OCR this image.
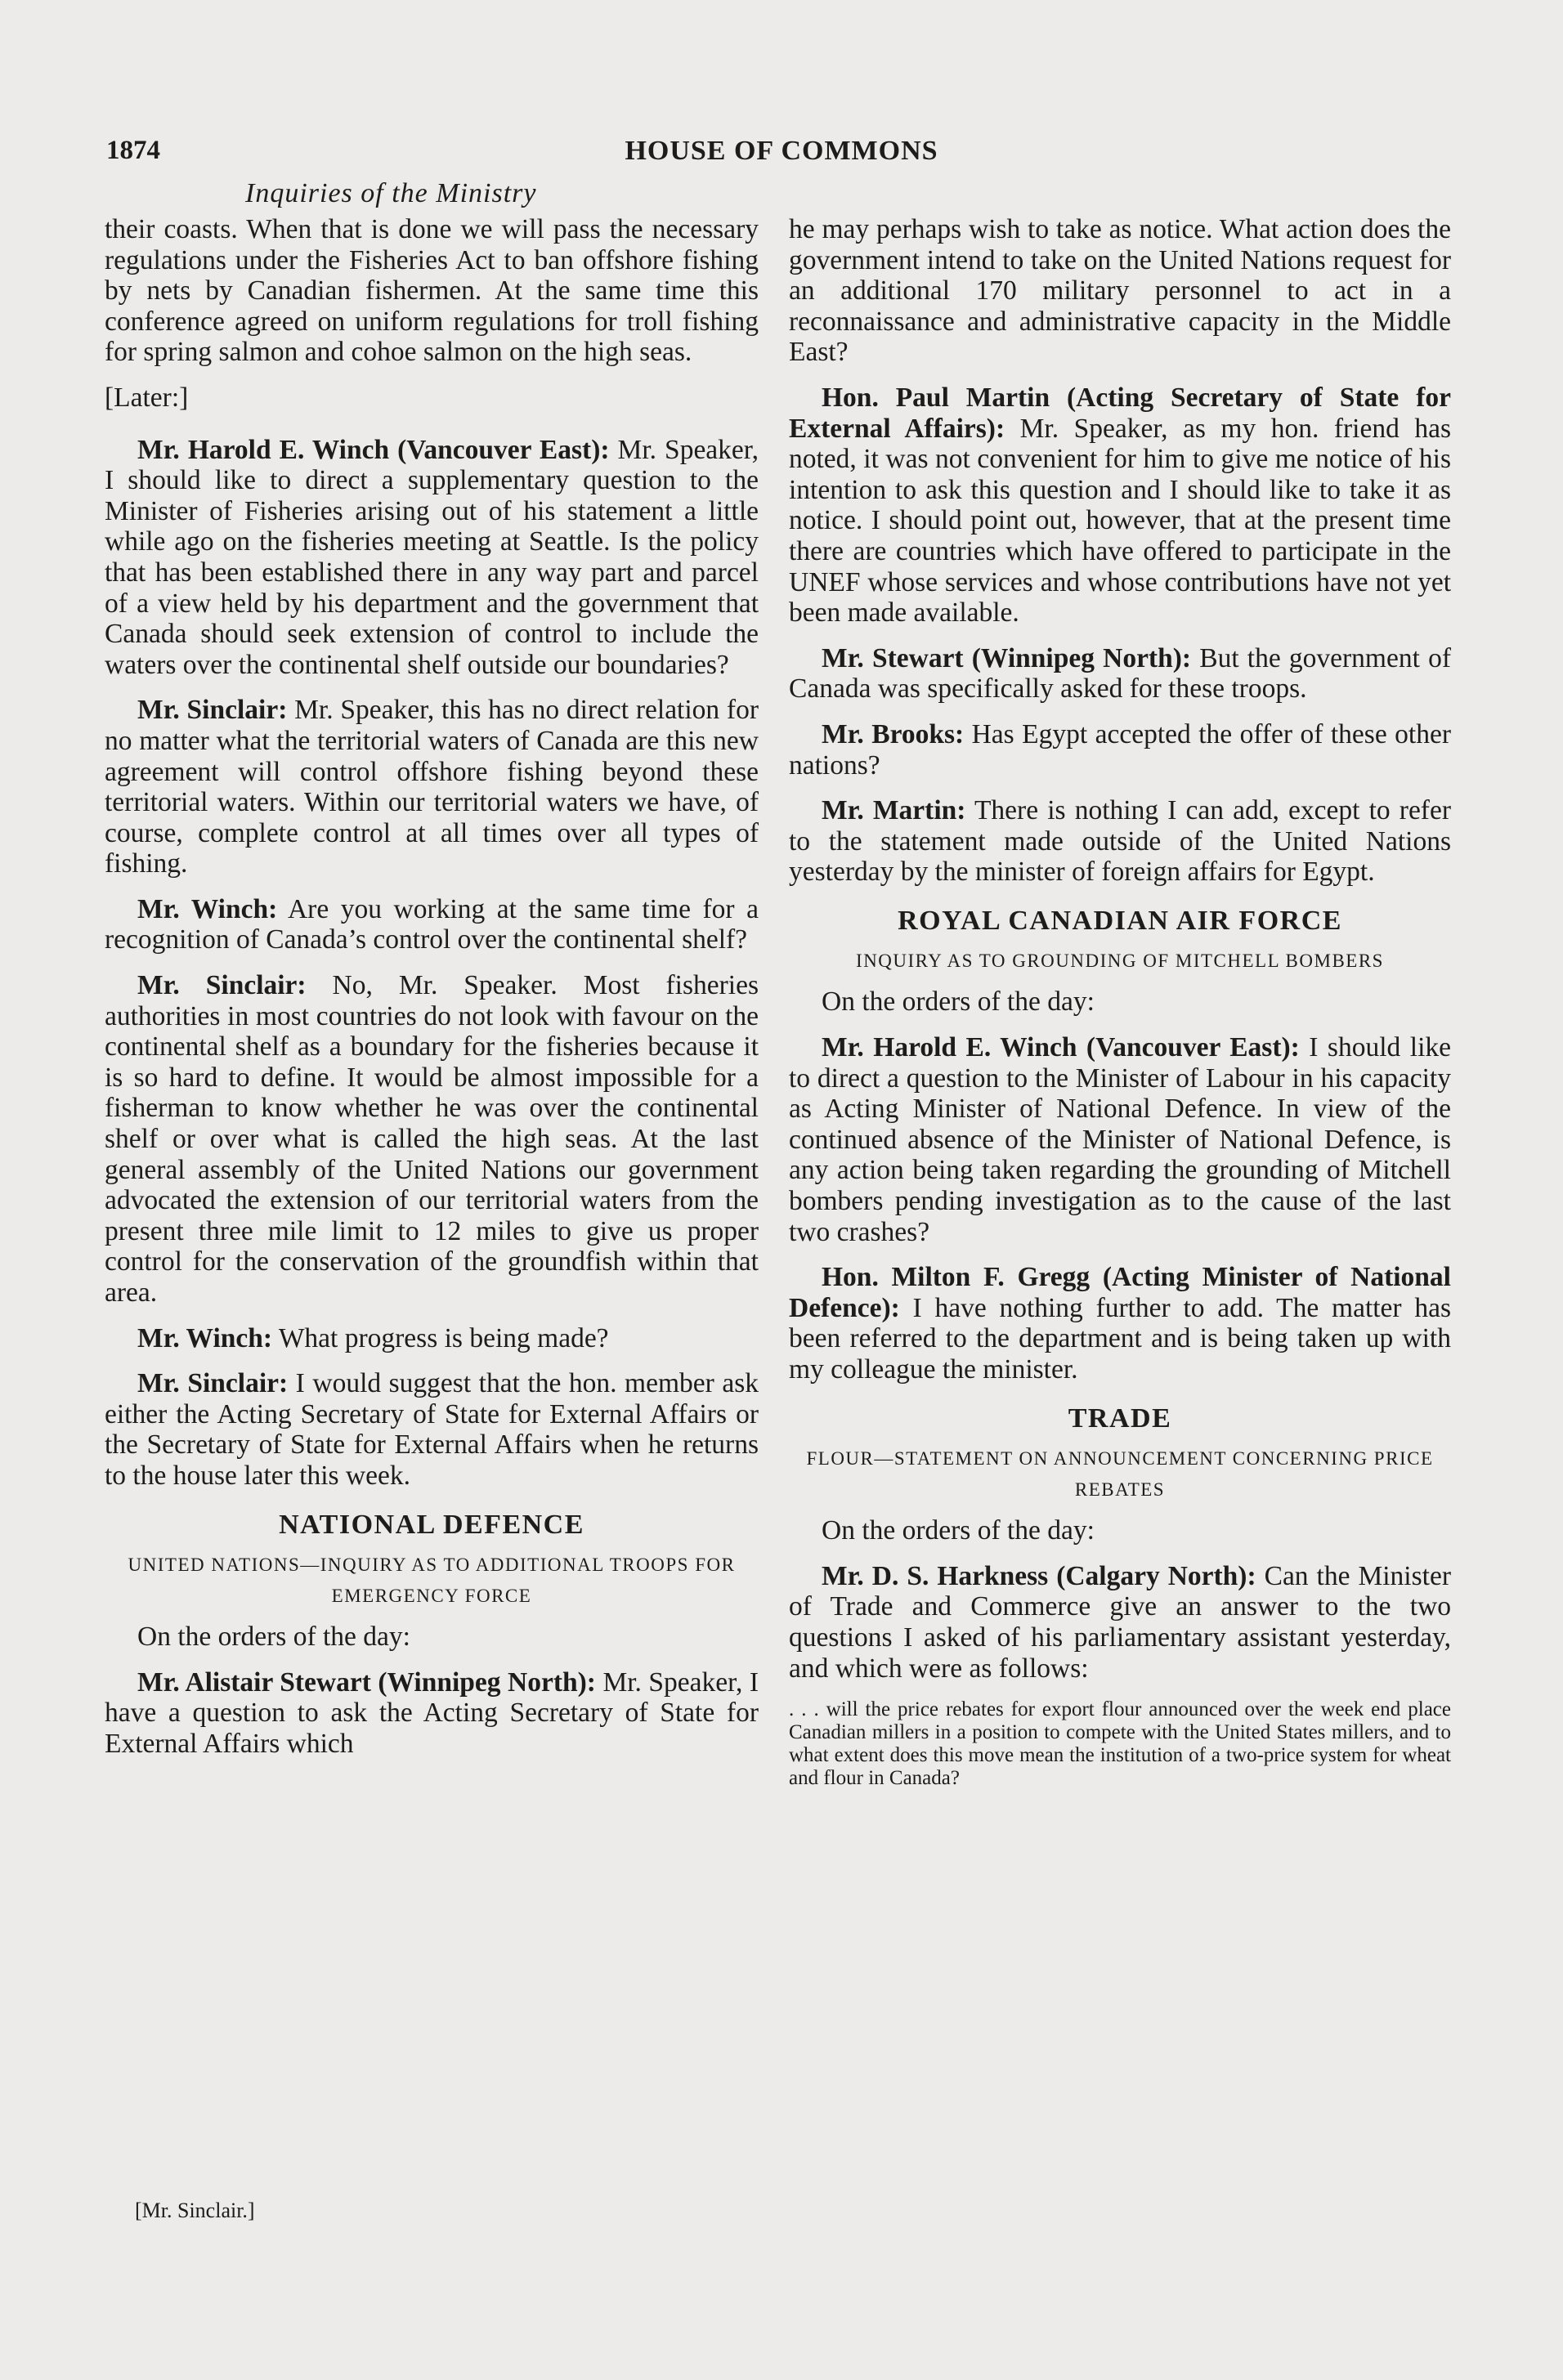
1874	HOUSE OF COMMONS
Inquiries of the Ministry

their coasts. When that is done we will pass the necessary regulations under the Fisheries Act to ban offshore fishing by nets by Canadian fishermen. At the same time this conference agreed on uniform regulations for troll fishing for spring salmon and cohoe salmon on the high seas.

[Later:]

Mr. Harold E. Winch (Vancouver East): Mr. Speaker, I should like to direct a supplementary question to the Minister of Fisheries arising out of his statement a little while ago on the fisheries meeting at Seattle. Is the policy that has been established there in any way part and parcel of a view held by his department and the government that Canada should seek extension of control to include the waters over the continental shelf outside our boundaries?

Mr. Sinclair: Mr. Speaker, this has no direct relation for no matter what the territorial waters of Canada are this new agreement will control offshore fishing beyond these territorial waters. Within our territorial waters we have, of course, complete control at all times over all types of fishing.

Mr. Winch: Are you working at the same time for a recognition of Canada’s control over the continental shelf?

Mr. Sinclair: No, Mr. Speaker. Most fisheries authorities in most countries do not look with favour on the continental shelf as a boundary for the fisheries because it is so hard to define. It would be almost impossible for a fisherman to know whether he was over the continental shelf or over what is called the high seas. At the last general assembly of the United Nations our government advocated the extension of our territorial waters from the present three mile limit to 12 miles to give us proper control for the conservation of the groundfish within that area.

Mr. Winch: What progress is being made?

Mr. Sinclair: I would suggest that the hon. member ask either the Acting Secretary of State for External Affairs or the Secretary of State for External Affairs when he returns to the house later this week.

NATIONAL DEFENCE
UNITED NATIONS—INQUIRY AS TO ADDITIONAL TROOPS FOR EMERGENCY FORCE

On the orders of the day:

Mr. Alistair Stewart (Winnipeg North): Mr. Speaker, I have a question to ask the Acting Secretary of State for External Affairs which

[Mr. Sinclair.]

he may perhaps wish to take as notice. What action does the government intend to take on the United Nations request for an additional 170 military personnel to act in a reconnaissance and administrative capacity in the Middle East?

Hon. Paul Martin (Acting Secretary of State for External Affairs): Mr. Speaker, as my hon. friend has noted, it was not convenient for him to give me notice of his intention to ask this question and I should like to take it as notice. I should point out, however, that at the present time there are countries which have offered to participate in the UNEF whose services and whose contributions have not yet been made available.

Mr. Stewart (Winnipeg North): But the government of Canada was specifically asked for these troops.

Mr. Brooks: Has Egypt accepted the offer of these other nations?

Mr. Martin: There is nothing I can add, except to refer to the statement made outside of the United Nations yesterday by the minister of foreign affairs for Egypt.

ROYAL CANADIAN AIR FORCE
INQUIRY AS TO GROUNDING OF MITCHELL BOMBERS

On the orders of the day:

Mr. Harold E. Winch (Vancouver East): I should like to direct a question to the Minister of Labour in his capacity as Acting Minister of National Defence. In view of the continued absence of the Minister of National Defence, is any action being taken regarding the grounding of Mitchell bombers pending investigation as to the cause of the last two crashes?

Hon. Milton F. Gregg (Acting Minister of National Defence): I have nothing further to add. The matter has been referred to the department and is being taken up with my colleague the minister.

TRADE
FLOUR—STATEMENT ON ANNOUNCEMENT CONCERNING PRICE REBATES

On the orders of the day:

Mr. D. S. Harkness (Calgary North): Can the Minister of Trade and Commerce give an answer to the two questions I asked of his parliamentary assistant yesterday, and which were as follows:

. . . will the price rebates for export flour announced over the week end place Canadian millers in a position to compete with the United States millers, and to what extent does this move mean the institution of a two-price system for wheat and flour in Canada?
